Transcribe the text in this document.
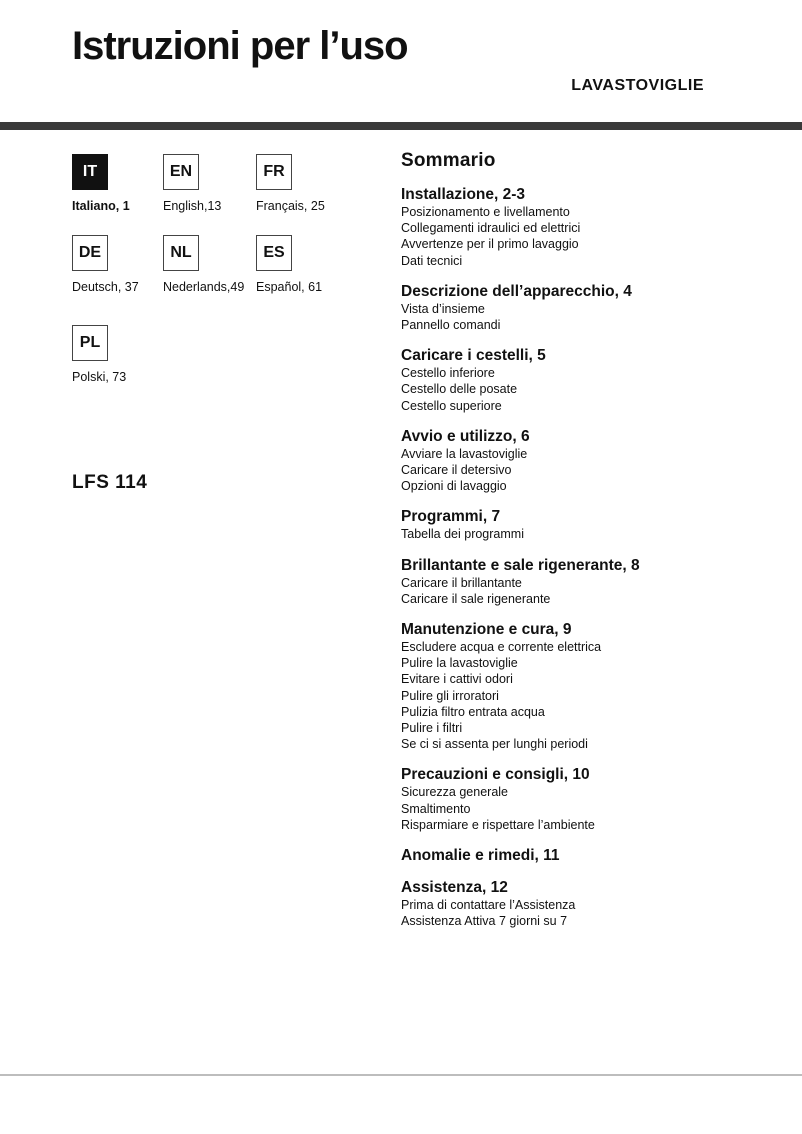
Istruzioni per l’uso
LAVASTOVIGLIE
IT
Italiano, 1
EN
English,13
FR
Français, 25
DE
Deutsch, 37
NL
Nederlands,49
ES
Español, 61
PL
Polski, 73
LFS 114
Sommario
Installazione, 2-3
Posizionamento e livellamento
Collegamenti idraulici ed elettrici
Avvertenze per il primo lavaggio
Dati tecnici
Descrizione dell’apparecchio, 4
Vista d’insieme
Pannello comandi
Caricare i cestelli, 5
Cestello inferiore
Cestello delle posate
Cestello superiore
Avvio e utilizzo, 6
Avviare la lavastoviglie
Caricare il detersivo
Opzioni di lavaggio
Programmi, 7
Tabella dei programmi
Brillantante e sale rigenerante, 8
Caricare il brillantante
Caricare il sale rigenerante
Manutenzione e cura, 9
Escludere acqua e corrente elettrica
Pulire la lavastoviglie
Evitare i cattivi odori
Pulire gli irroratori
Pulizia filtro entrata acqua
Pulire i filtri
Se ci si assenta per lunghi periodi
Precauzioni e consigli, 10
Sicurezza generale
Smaltimento
Risparmiare e rispettare l’ambiente
Anomalie e rimedi, 11
Assistenza, 12
Prima di contattare l’Assistenza
Assistenza Attiva 7 giorni su 7
